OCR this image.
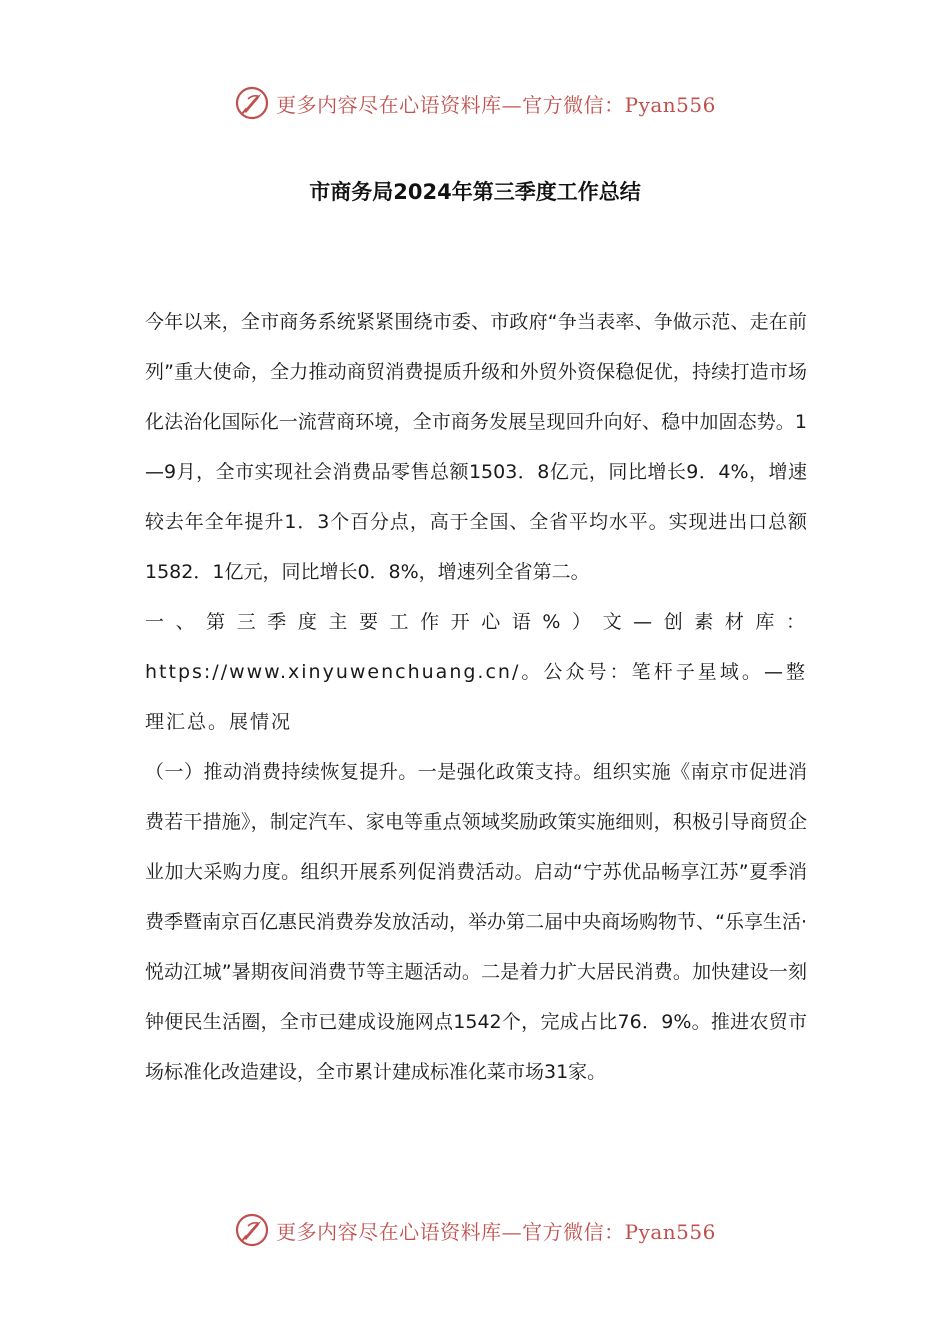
更多内容尽在心语资料库—官方微信：Pyan556
市商务局2024年第三季度工作总结

今年以来，全市商务系统紧紧围绕市委、市政府“争当表率、争做示范、走在前列”重大使命，全力推动商贸消费提质升级和外贸外资保稳促优，持续打造市场化法治化国际化一流营商环境，全市商务发展呈现回升向好、稳中加固态势。1—9月，全市实现社会消费品零售总额1503．8亿元，同比增长9．4%，增速较去年全年提升1．3个百分点，高于全国、全省平均水平。实现进出口总额1582．1亿元，同比增长0．8%，增速列全省第二。

一、第三季度主要工作开心语%）文—创素材库：https://www.xinyuwenchuang.cn/。公众号：笔杆子星域。—整理汇总。展情况

（一）推动消费持续恢复提升。一是强化政策支持。组织实施《南京市促进消费若干措施》，制定汽车、家电等重点领域奖励政策实施细则，积极引导商贸企业加大采购力度。组织开展系列促消费活动。启动“宁苏优品畅享江苏”夏季消费季暨南京百亿惠民消费券发放活动，举办第二届中央商场购物节、“乐享生活·悦动江城”暑期夜间消费节等主题活动。二是着力扩大居民消费。加快建设一刻钟便民生活圈，全市已建成设施网点1542个，完成占比76．9%。推进农贸市场标准化改造建设，全市累计建成标准化菜市场31家。

更多内容尽在心语资料库—官方微信：Pyan556
